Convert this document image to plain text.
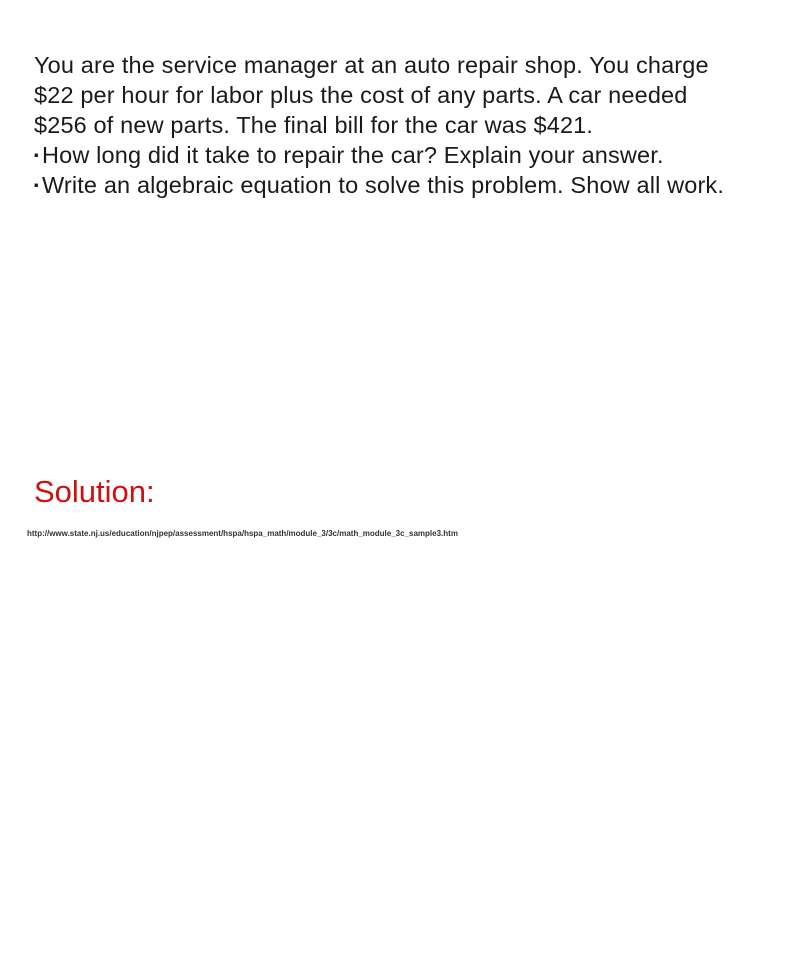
You are the service manager at an auto repair shop. You charge
$22 per hour for labor plus the cost of any parts. A car needed
$256 of new parts. The final bill for the car was $421.
·How long did it take to repair the car? Explain your answer.
·Write an algebraic equation to solve this problem. Show all work.
Solution:
http://www.state.nj.us/education/njpep/assessment/hspa/hspa_math/module_3/3c/math_module_3c_sample3.htm
